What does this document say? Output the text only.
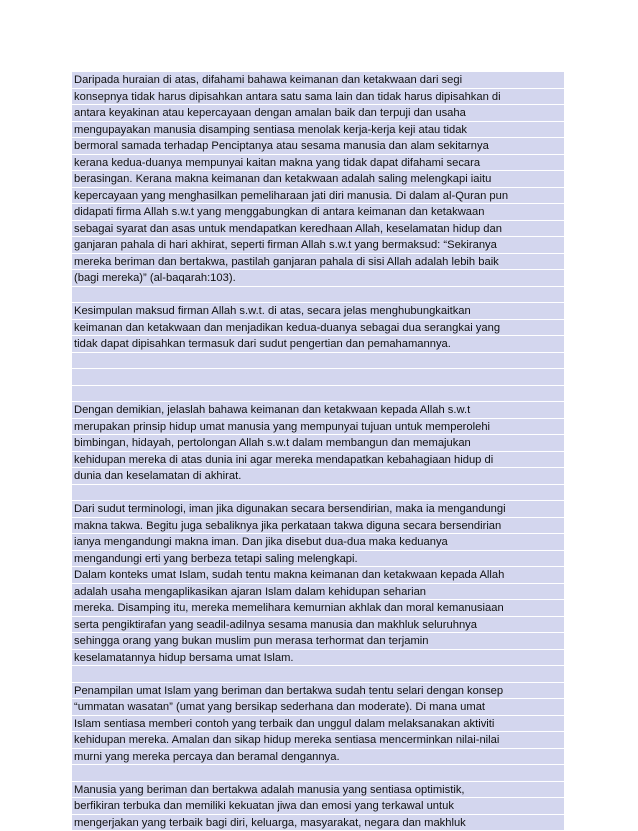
Daripada huraian di atas, difahami bahawa keimanan dan ketakwaan dari segi
konsepnya tidak harus dipisahkan antara satu sama lain dan tidak harus dipisahkan di
antara keyakinan atau kepercayaan dengan amalan baik dan terpuji dan usaha
mengupayakan manusia disamping sentiasa menolak kerja-kerja keji atau tidak
bermoral samada terhadap Penciptanya atau sesama manusia dan alam sekitarnya
kerana kedua-duanya mempunyai kaitan makna yang tidak dapat difahami secara
berasingan. Kerana makna keimanan dan ketakwaan adalah saling melengkapi iaitu
kepercayaan yang menghasilkan pemeliharaan jati diri manusia. Di dalam al-Quran pun
didapati firma Allah s.w.t yang menggabungkan di antara keimanan dan ketakwaan
sebagai syarat dan asas untuk mendapatkan keredhaan Allah, keselamatan hidup dan
ganjaran pahala di hari akhirat, seperti firman Allah s.w.t yang bermaksud: “Sekiranya
mereka beriman dan bertakwa, pastilah ganjaran pahala di sisi Allah adalah lebih baik
(bagi mereka)” (al-baqarah:103).
Kesimpulan maksud firman Allah s.w.t. di atas, secara jelas menghubungkaitkan
keimanan dan ketakwaan dan menjadikan kedua-duanya sebagai dua serangkai yang
tidak dapat dipisahkan termasuk dari sudut pengertian dan pemahamannya.
Dengan demikian, jelaslah bahawa keimanan dan ketakwaan kepada Allah s.w.t
merupakan prinsip hidup umat manusia yang mempunyai tujuan untuk memperolehi
bimbingan, hidayah, pertolongan Allah s.w.t dalam membangun dan memajukan
kehidupan mereka di atas dunia ini agar mereka mendapatkan kebahagiaan hidup di
dunia dan keselamatan di akhirat.
Dari sudut terminologi, iman jika digunakan secara bersendirian, maka ia mengandungi
makna takwa. Begitu juga sebaliknya jika perkataan takwa diguna secara bersendirian
ianya mengandungi makna iman. Dan jika disebut dua-dua maka keduanya
mengandungi erti yang berbeza tetapi saling melengkapi.
Dalam konteks umat Islam, sudah tentu makna keimanan dan ketakwaan kepada Allah
adalah usaha mengaplikasikan ajaran Islam dalam kehidupan seharian
mereka. Disamping itu, mereka memelihara kemurnian akhlak dan moral kemanusiaan
serta pengiktirafan yang seadil-adilnya sesama manusia dan makhluk seluruhnya
sehingga orang yang bukan muslim pun merasa terhormat dan terjamin
keselamatannya hidup bersama umat Islam.
Penampilan umat Islam yang beriman dan bertakwa sudah tentu selari dengan konsep
“ummatan wasatan” (umat yang bersikap sederhana dan moderate). Di mana umat
Islam sentiasa memberi contoh yang terbaik dan unggul dalam melaksanakan aktiviti
kehidupan mereka. Amalan dan sikap hidup mereka sentiasa mencerminkan nilai-nilai
murni yang mereka percaya dan beramal dengannya.
Manusia yang beriman dan bertakwa adalah manusia yang sentiasa optimistik,
berfikiran terbuka dan memiliki kekuatan jiwa dan emosi yang terkawal untuk
mengerjakan yang terbaik bagi diri, keluarga, masyarakat, negara dan makhluk
